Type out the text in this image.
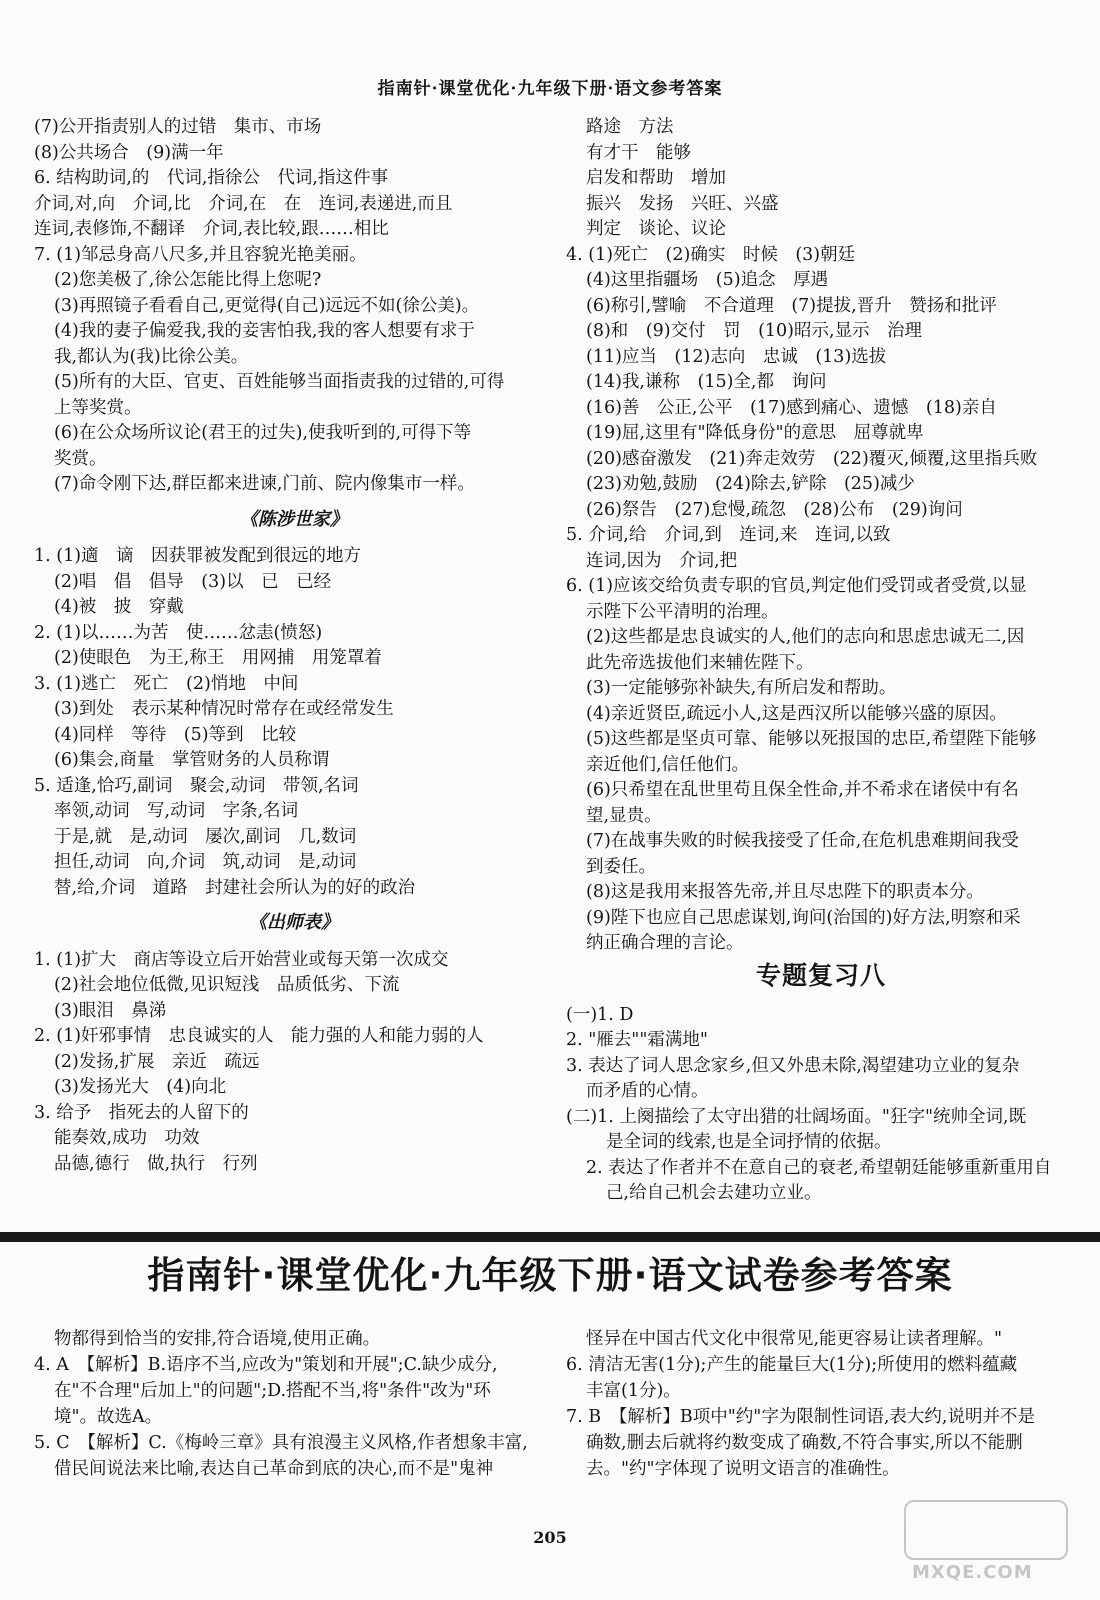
指南针·课堂优化·九年级下册·语文参考答案
(7)公开指责别人的过错　集市、市场
(8)公共场合　(9)满一年
6. 结构助词,的　代词,指徐公　代词,指这件事
介词,对,向　介词,比　介词,在　在　连词,表递进,而且
连词,表修饰,不翻译　介词,表比较,跟……相比
7. (1)邹忌身高八尺多,并且容貌光艳美丽。
(2)您美极了,徐公怎能比得上您呢?
(3)再照镜子看看自己,更觉得(自己)远远不如(徐公美)。
(4)我的妻子偏爱我,我的妾害怕我,我的客人想要有求于
我,都认为(我)比徐公美。
(5)所有的大臣、官吏、百姓能够当面指责我的过错的,可得
上等奖赏。
(6)在公众场所议论(君王的过失),使我听到的,可得下等
奖赏。
(7)命令刚下达,群臣都来进谏,门前、院内像集市一样。
《陈涉世家》
1. (1)適　谪　因获罪被发配到很远的地方
(2)唱　倡　倡导　(3)以　已　已经
(4)被　披　穿戴
2. (1)以……为苦　使……忿恚(愤怒)
(2)使眼色　为王,称王　用网捕　用笼罩着
3. (1)逃亡　死亡　(2)悄地　中间
(3)到处　表示某种情况时常存在或经常发生
(4)同样　等待　(5)等到　比较
(6)集会,商量　掌管财务的人员称谓
5. 适逢,恰巧,副词　聚会,动词　带领,名词
率领,动词　写,动词　字条,名词
于是,就　是,动词　屡次,副词　几,数词
担任,动词　向,介词　筑,动词　是,动词
替,给,介词　道路　封建社会所认为的好的政治
《出师表》
1. (1)扩大　商店等设立后开始营业或每天第一次成交
(2)社会地位低微,见识短浅　品质低劣、下流
(3)眼泪　鼻涕
2. (1)奸邪事情　忠良诚实的人　能力强的人和能力弱的人
(2)发扬,扩展　亲近　疏远
(3)发扬光大　(4)向北
3. 给予　指死去的人留下的
能奏效,成功　功效
品德,德行　做,执行　行列
路途　方法
有才干　能够
启发和帮助　增加
振兴　发扬　兴旺、兴盛
判定　谈论、议论
4. (1)死亡　(2)确实　时候　(3)朝廷
(4)这里指疆场　(5)追念　厚遇
(6)称引,譬喻　不合道理　(7)提拔,晋升　赞扬和批评
(8)和　(9)交付　罚　(10)昭示,显示　治理
(11)应当　(12)志向　忠诚　(13)选拔
(14)我,谦称　(15)全,都　询问
(16)善　公正,公平　(17)感到痛心、遗憾　(18)亲自
(19)屈,这里有"降低身份"的意思　屈尊就卑
(20)感奋激发　(21)奔走效劳　(22)覆灭,倾覆,这里指兵败
(23)劝勉,鼓励　(24)除去,铲除　(25)减少
(26)祭告　(27)怠慢,疏忽　(28)公布　(29)询问
5. 介词,给　介词,到　连词,来　连词,以致
连词,因为　介词,把
6. (1)应该交给负责专职的官员,判定他们受罚或者受赏,以显
示陛下公平清明的治理。
(2)这些都是忠良诚实的人,他们的志向和思虑忠诚无二,因
此先帝选拔他们来辅佐陛下。
(3)一定能够弥补缺失,有所启发和帮助。
(4)亲近贤臣,疏远小人,这是西汉所以能够兴盛的原因。
(5)这些都是坚贞可靠、能够以死报国的忠臣,希望陛下能够
亲近他们,信任他们。
(6)只希望在乱世里苟且保全性命,并不希求在诸侯中有名
望,显贵。
(7)在战事失败的时候我接受了任命,在危机患难期间我受
到委任。
(8)这是我用来报答先帝,并且尽忠陛下的职责本分。
(9)陛下也应自己思虑谋划,询问(治国的)好方法,明察和采
纳正确合理的言论。
专题复习八
(一)1. D
2. "雁去""霜满地"
3. 表达了词人思念家乡,但又外患未除,渴望建功立业的复杂
而矛盾的心情。
(二)1. 上阕描绘了太守出猎的壮阔场面。"狂字"统帅全词,既
是全词的线索,也是全词抒情的依据。
2. 表达了作者并不在意自己的衰老,希望朝廷能够重新重用自
己,给自己机会去建功立业。
指南针·课堂优化·九年级下册·语文试卷参考答案
物都得到恰当的安排,符合语境,使用正确。
4. A　【解析】B.语序不当,应改为"策划和开展";C.缺少成分,
在"不合理"后加上"的问题";D.搭配不当,将"条件"改为"环
境"。故选A。
5. C　【解析】C.《梅岭三章》具有浪漫主义风格,作者想象丰富,
借民间说法来比喻,表达自己革命到底的决心,而不是"鬼神
怪异在中国古代文化中很常见,能更容易让读者理解。"
6. 清洁无害(1分);产生的能量巨大(1分);所使用的燃料蕴藏
丰富(1分)。
7. B　【解析】B项中"约"字为限制性词语,表大约,说明并不是
确数,删去后就将约数变成了确数,不符合事实,所以不能删
去。"约"字体现了说明文语言的准确性。
205
MXQE.COM
